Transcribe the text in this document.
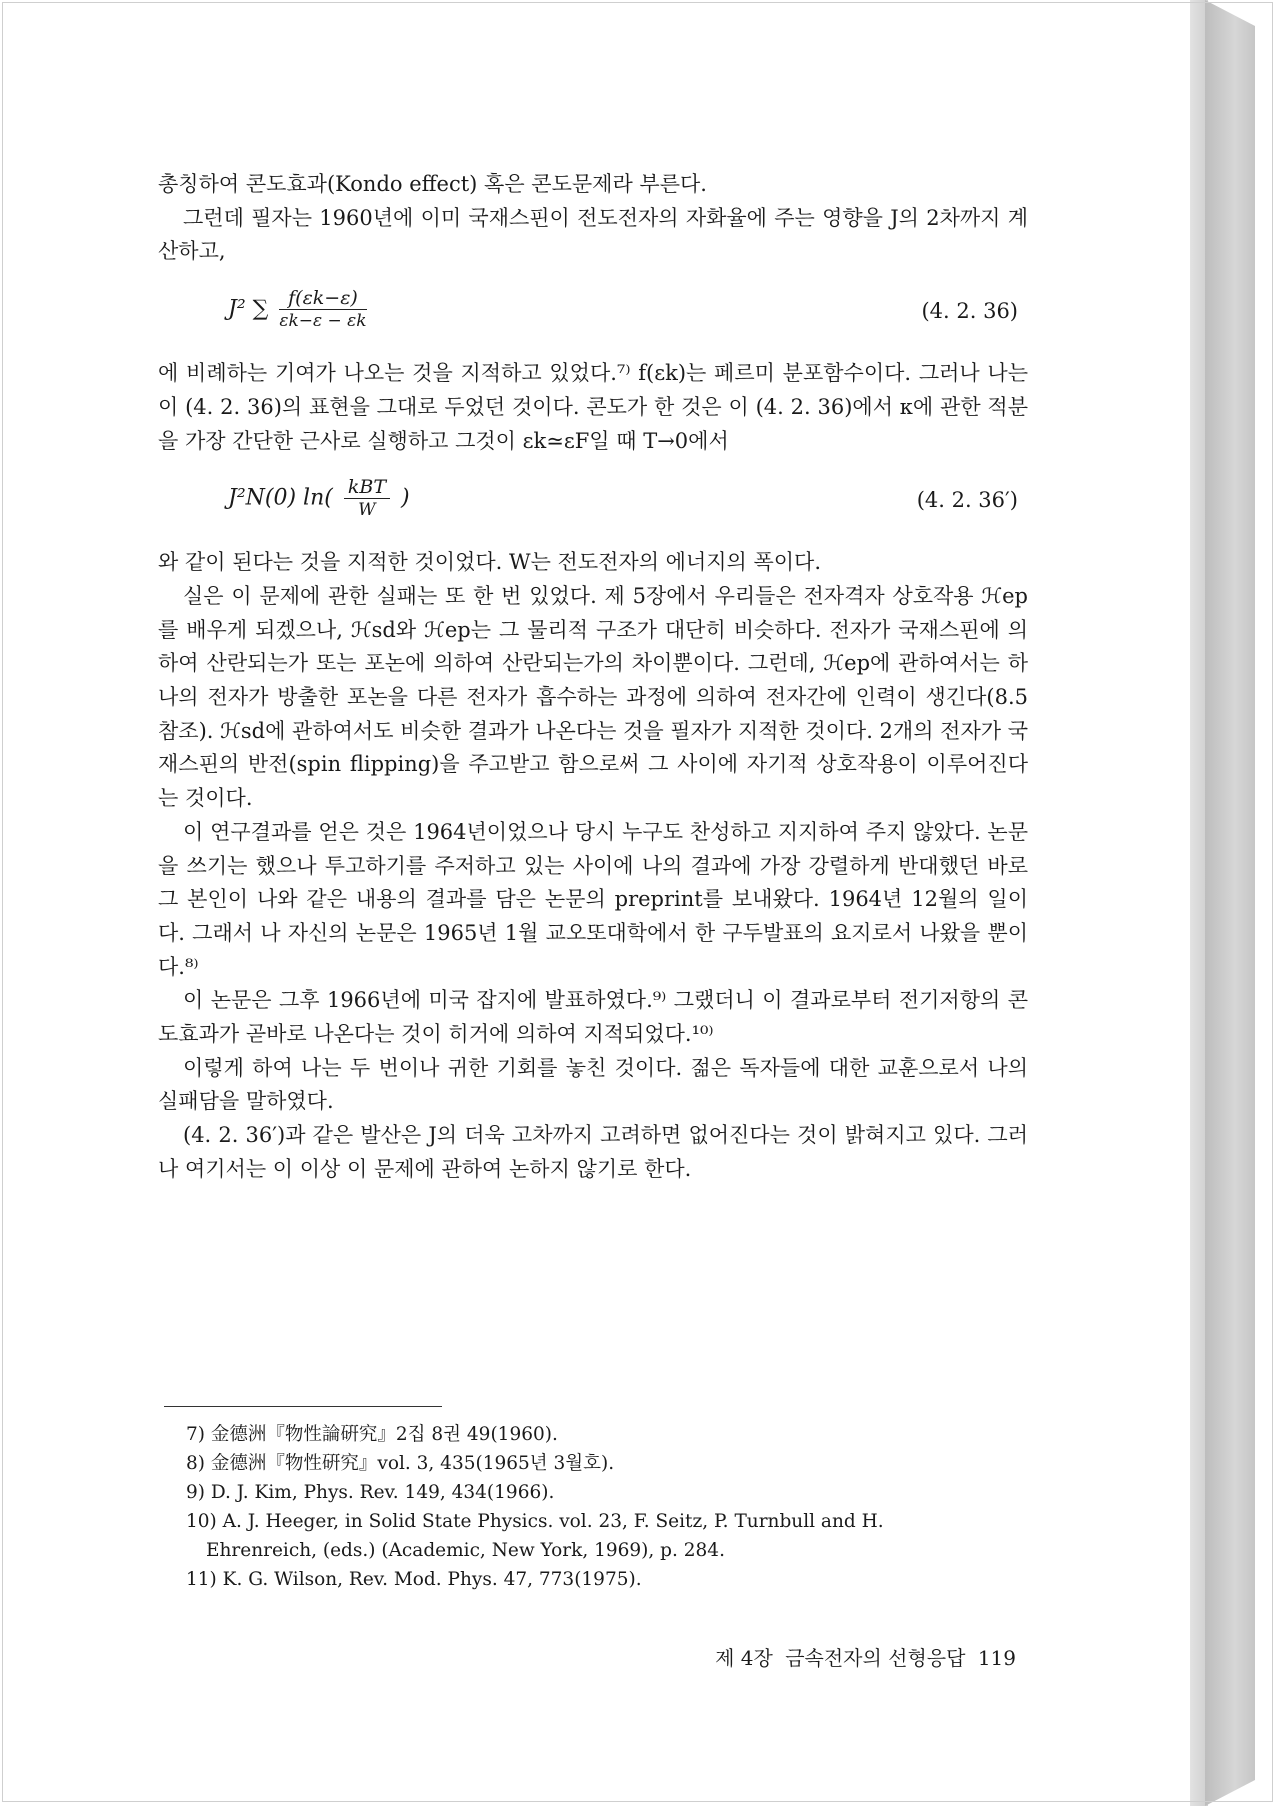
총칭하여 콘도효과(Kondo effect) 혹은 콘도문제라 부른다.

그런데 필자는 1960년에 이미 국재스핀이 전도전자의 자화율에 주는 영향을 J의 2차까지 계산하고,

J² ∑ $\frac{f(\varepsilon k-\varepsilon)}{\varepsilon k-\varepsilon - \varepsilon k}$	(4. 2. 36)

에 비례하는 기여가 나오는 것을 지적하고 있었다.⁷⁾ f(εk)는 페르미 분포함수이다. 그러나 나는 이 (4. 2. 36)의 표현을 그대로 두었던 것이다. 콘도가 한 것은 이 (4. 2. 36)에서 κ에 관한 적분을 가장 간단한 근사로 실행하고 그것이 εk≃εF일 때 T→0에서

J²N(0) $\ln( \frac{\text{kBT}}{W}$ )	(4. 2. 36′)

와 같이 된다는 것을 지적한 것이었다. W는 전도전자의 에너지의 폭이다.

실은 이 문제에 관한 실패는 또 한 번 있었다. 제 5장에서 우리들은 전자격자 상호작용 ℋep를 배우게 되겠으나, ℋsd와 ℋep는 그 물리적 구조가 대단히 비슷하다. 전자가 국재스핀에 의하여 산란되는가 또는 포논에 의하여 산란되는가의 차이뿐이다. 그런데, ℋep에 관하여서는 하나의 전자가 방출한 포논을 다른 전자가 흡수하는 과정에 의하여 전자간에 인력이 생긴다(8.5 참조). ℋsd에 관하여서도 비슷한 결과가 나온다는 것을 필자가 지적한 것이다. 2개의 전자가 국재스핀의 반전(spin flipping)을 주고받고 함으로써 그 사이에 자기적 상호작용이 이루어진다는 것이다.

이 연구결과를 얻은 것은 1964년이었으나 당시 누구도 찬성하고 지지하여 주지 않았다. 논문을 쓰기는 했으나 투고하기를 주저하고 있는 사이에 나의 결과에 가장 강렬하게 반대했던 바로 그 본인이 나와 같은 내용의 결과를 담은 논문의 preprint를 보내왔다. 1964년 12월의 일이다. 그래서 나 자신의 논문은 1965년 1월 교오또대학에서 한 구두발표의 요지로서 나왔을 뿐이다.⁸⁾

이 논문은 그후 1966년에 미국 잡지에 발표하였다.⁹⁾ 그랬더니 이 결과로부터 전기저항의 콘도효과가 곧바로 나온다는 것이 히거에 의하여 지적되었다.¹⁰⁾

이렇게 하여 나는 두 번이나 귀한 기회를 놓친 것이다. 젊은 독자들에 대한 교훈으로서 나의 실패담을 말하였다.

(4. 2. 36′)과 같은 발산은 J의 더욱 고차까지 고려하면 없어진다는 것이 밝혀지고 있다. 그러나 여기서는 이 이상 이 문제에 관하여 논하지 않기로 한다.

7) 金德洲『物性論硏究』2집 8권 49(1960).

8) 金德洲『物性硏究』vol. 3, 435(1965년 3월호).

9) D. J. Kim, Phys. Rev. 149, 434(1966).

10) A. J. Heeger, in Solid State Physics. vol. 23, F. Seitz, P. Turnbull and H.

Ehrenreich, (eds.) (Academic, New York, 1969), p. 284.

11) K. G. Wilson, Rev. Mod. Phys. 47, 773(1975).

제 4장 금속전자의 선형응답 119
